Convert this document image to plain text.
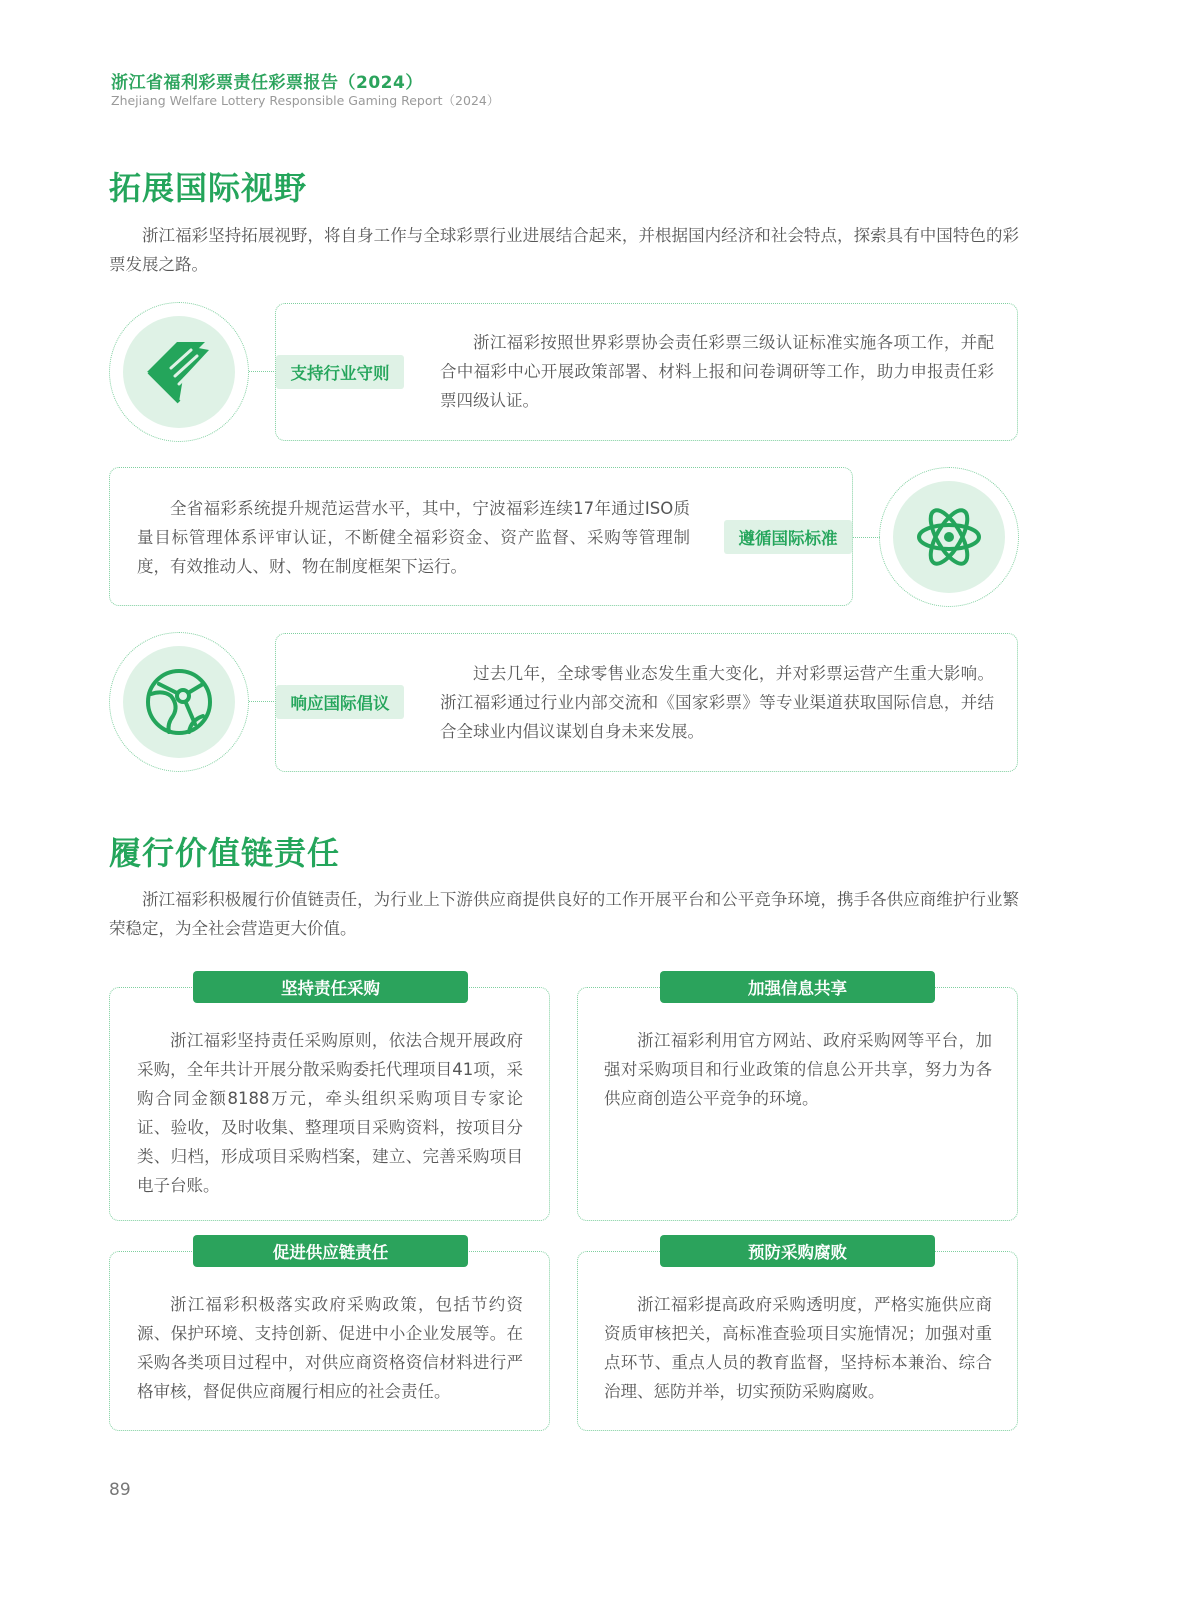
浙江省福利彩票责任彩票报告（2024）
Zhejiang Welfare Lottery Responsible Gaming Report（2024）
拓展国际视野
浙江福彩坚持拓展视野，将自身工作与全球彩票行业进展结合起来，并根据国内经济和社会特点，探索具有中国特色的彩票发展之路。
支持行业守则
浙江福彩按照世界彩票协会责任彩票三级认证标准实施各项工作，并配合中福彩中心开展政策部署、材料上报和问卷调研等工作，助力申报责任彩票四级认证。
全省福彩系统提升规范运营水平，其中，宁波福彩连续17年通过ISO质量目标管理体系评审认证，不断健全福彩资金、资产监督、采购等管理制度，有效推动人、财、物在制度框架下运行。
遵循国际标准
响应国际倡议
过去几年，全球零售业态发生重大变化，并对彩票运营产生重大影响。浙江福彩通过行业内部交流和《国家彩票》等专业渠道获取国际信息，并结合全球业内倡议谋划自身未来发展。
履行价值链责任
浙江福彩积极履行价值链责任，为行业上下游供应商提供良好的工作开展平台和公平竞争环境，携手各供应商维护行业繁荣稳定，为全社会营造更大价值。
坚持责任采购
浙江福彩坚持责任采购原则，依法合规开展政府采购，全年共计开展分散采购委托代理项目41项，采购合同金额8188万元，牵头组织采购项目专家论证、验收，及时收集、整理项目采购资料，按项目分类、归档，形成项目采购档案，建立、完善采购项目电子台账。
加强信息共享
浙江福彩利用官方网站、政府采购网等平台，加强对采购项目和行业政策的信息公开共享，努力为各供应商创造公平竞争的环境。
促进供应链责任
浙江福彩积极落实政府采购政策，包括节约资源、保护环境、支持创新、促进中小企业发展等。在采购各类项目过程中，对供应商资格资信材料进行严格审核，督促供应商履行相应的社会责任。
预防采购腐败
浙江福彩提高政府采购透明度，严格实施供应商资质审核把关，高标准查验项目实施情况；加强对重点环节、重点人员的教育监督，坚持标本兼治、综合治理、惩防并举，切实预防采购腐败。
89
